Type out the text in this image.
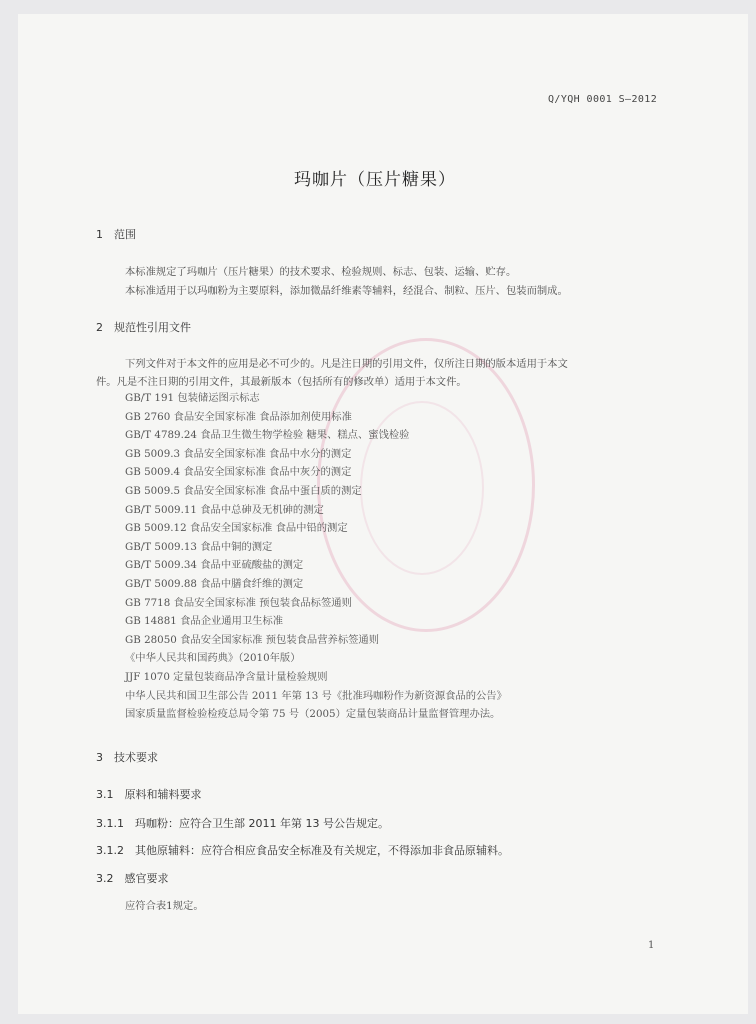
Q/YQH 0001 S—2012
玛咖片（压片糖果）
1　范围
本标准规定了玛咖片（压片糖果）的技术要求、检验规则、标志、包装、运输、贮存。
本标准适用于以玛咖粉为主要原料，添加微晶纤维素等辅料，经混合、制粒、压片、包装而制成。
2　规范性引用文件
下列文件对于本文件的应用是必不可少的。凡是注日期的引用文件，仅所注日期的版本适用于本文
件。凡是不注日期的引用文件，其最新版本（包括所有的修改单）适用于本文件。
GB/T 191 包装储运图示标志
GB 2760 食品安全国家标准 食品添加剂使用标准
GB/T 4789.24 食品卫生微生物学检验 糖果、糕点、蜜饯检验
GB 5009.3 食品安全国家标准 食品中水分的测定
GB 5009.4 食品安全国家标准 食品中灰分的测定
GB 5009.5 食品安全国家标准 食品中蛋白质的测定
GB/T 5009.11 食品中总砷及无机砷的测定
GB 5009.12 食品安全国家标准 食品中铅的测定
GB/T 5009.13 食品中铜的测定
GB/T 5009.34 食品中亚硫酸盐的测定
GB/T 5009.88 食品中膳食纤维的测定
GB 7718 食品安全国家标准 预包装食品标签通则
GB 14881 食品企业通用卫生标准
GB 28050 食品安全国家标准 预包装食品营养标签通则
《中华人民共和国药典》（2010年版）
JJF 1070 定量包装商品净含量计量检验规则
中华人民共和国卫生部公告 2011 年第 13 号《批准玛咖粉作为新资源食品的公告》
国家质量监督检验检疫总局令第 75 号（2005）定量包装商品计量监督管理办法。
3　技术要求
3.1　原料和辅料要求
3.1.1　玛咖粉：应符合卫生部 2011 年第 13 号公告规定。
3.1.2　其他原辅料：应符合相应食品安全标准及有关规定，不得添加非食品原辅料。
3.2　感官要求
应符合表1规定。
1
